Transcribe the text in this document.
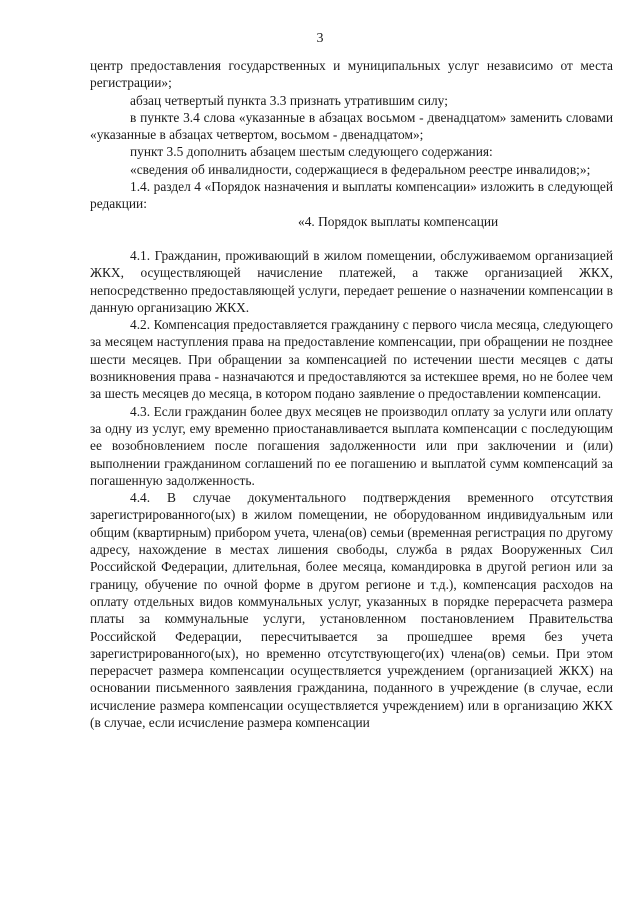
3

центр предоставления государственных и муниципальных услуг независимо от места регистрации»;

абзац четвертый пункта 3.3 признать утратившим силу;

в пункте 3.4 слова «указанные в абзацах восьмом - двенадцатом» заменить словами «указанные в абзацах четвертом, восьмом - двенадцатом»;

пункт 3.5 дополнить абзацем шестым следующего содержания:

«сведения об инвалидности, содержащиеся в федеральном реестре инвалидов;»;

1.4. раздел 4 «Порядок назначения и выплаты компенсации» изложить в следующей редакции:

«4. Порядок выплаты компенсации

4.1. Гражданин, проживающий в жилом помещении, обслуживаемом организацией ЖКХ, осуществляющей начисление платежей, а также организацией ЖКХ, непосредственно предоставляющей услуги, передает решение о назначении компенсации в данную организацию ЖКХ.

4.2. Компенсация предоставляется гражданину с первого числа месяца, следующего за месяцем наступления права на предоставление компенсации, при обращении не позднее шести месяцев. При обращении за компенсацией по истечении шести месяцев с даты возникновения права - назначаются и предоставляются за истекшее время, но не более чем за шесть месяцев до месяца, в котором подано заявление о предоставлении компенсации.

4.3. Если гражданин более двух месяцев не производил оплату за услуги или оплату за одну из услуг, ему временно приостанавливается выплата компенсации с последующим ее возобновлением после погашения задолженности или при заключении и (или) выполнении гражданином соглашений по ее погашению и выплатой сумм компенсаций за погашенную задолженность.

4.4. В случае документального подтверждения временного отсутствия зарегистрированного(ых) в жилом помещении, не оборудованном индивидуальным или общим (квартирным) прибором учета, члена(ов) семьи (временная регистрация по другому адресу, нахождение в местах лишения свободы, служба в рядах Вооруженных Сил Российской Федерации, длительная, более месяца, командировка в другой регион или за границу, обучение по очной форме в другом регионе и т.д.), компенсация расходов на оплату отдельных видов коммунальных услуг, указанных в порядке перерасчета размера платы за коммунальные услуги, установленном постановлением Правительства Российской Федерации, пересчитывается за прошедшее время без учета зарегистрированного(ых), но временно отсутствующего(их) члена(ов) семьи. При этом перерасчет размера компенсации осуществляется учреждением (организацией ЖКХ) на основании письменного заявления гражданина, поданного в учреждение (в случае, если исчисление размера компенсации осуществляется учреждением) или в организацию ЖКХ (в случае, если исчисление размера компенсации
